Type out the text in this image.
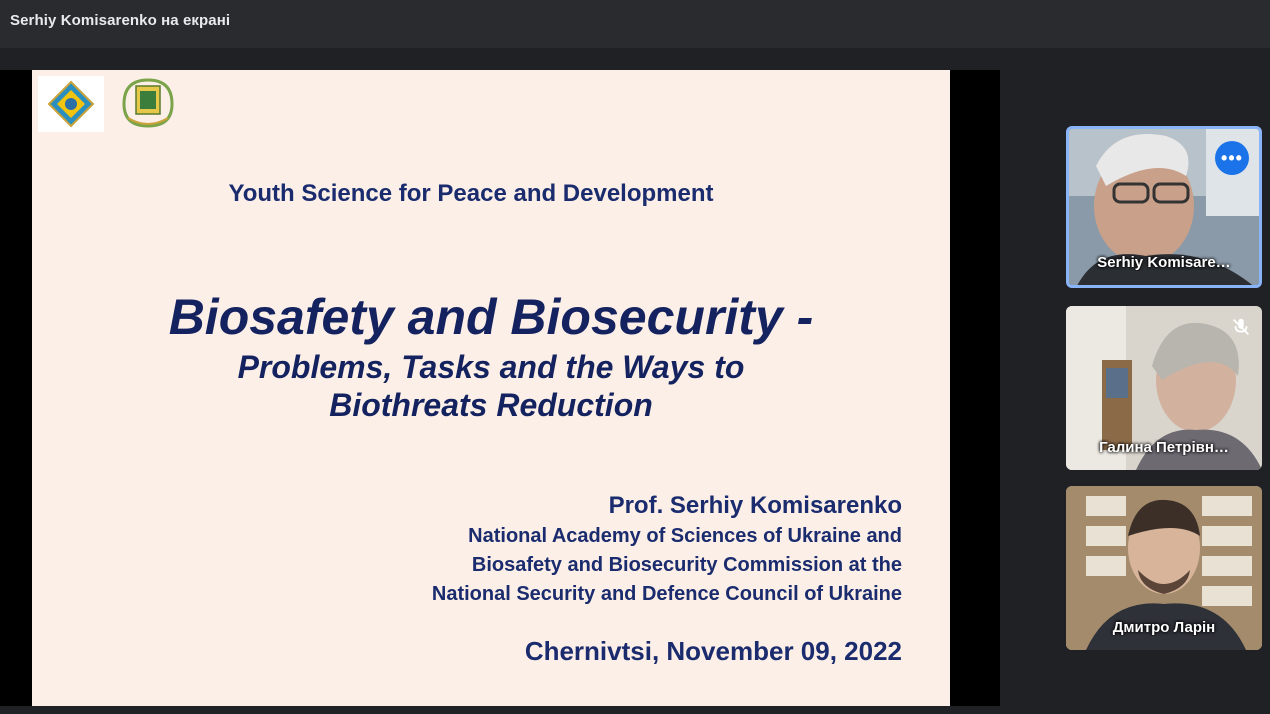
Serhiy Komisarenko на екрані
Youth Science for Peace and Development
Biosafety and Biosecurity -
Problems, Tasks and the Ways to
Biothreats Reduction
Prof. Serhiy Komisarenko
National Academy of Sciences of Ukraine and
Biosafety and Biosecurity Commission at the
National Security and Defence Council of Ukraine
Chernivtsi, November 09, 2022
•••
Serhiy Komisare…
Галина Петрівн…
Дмитро Ларін
